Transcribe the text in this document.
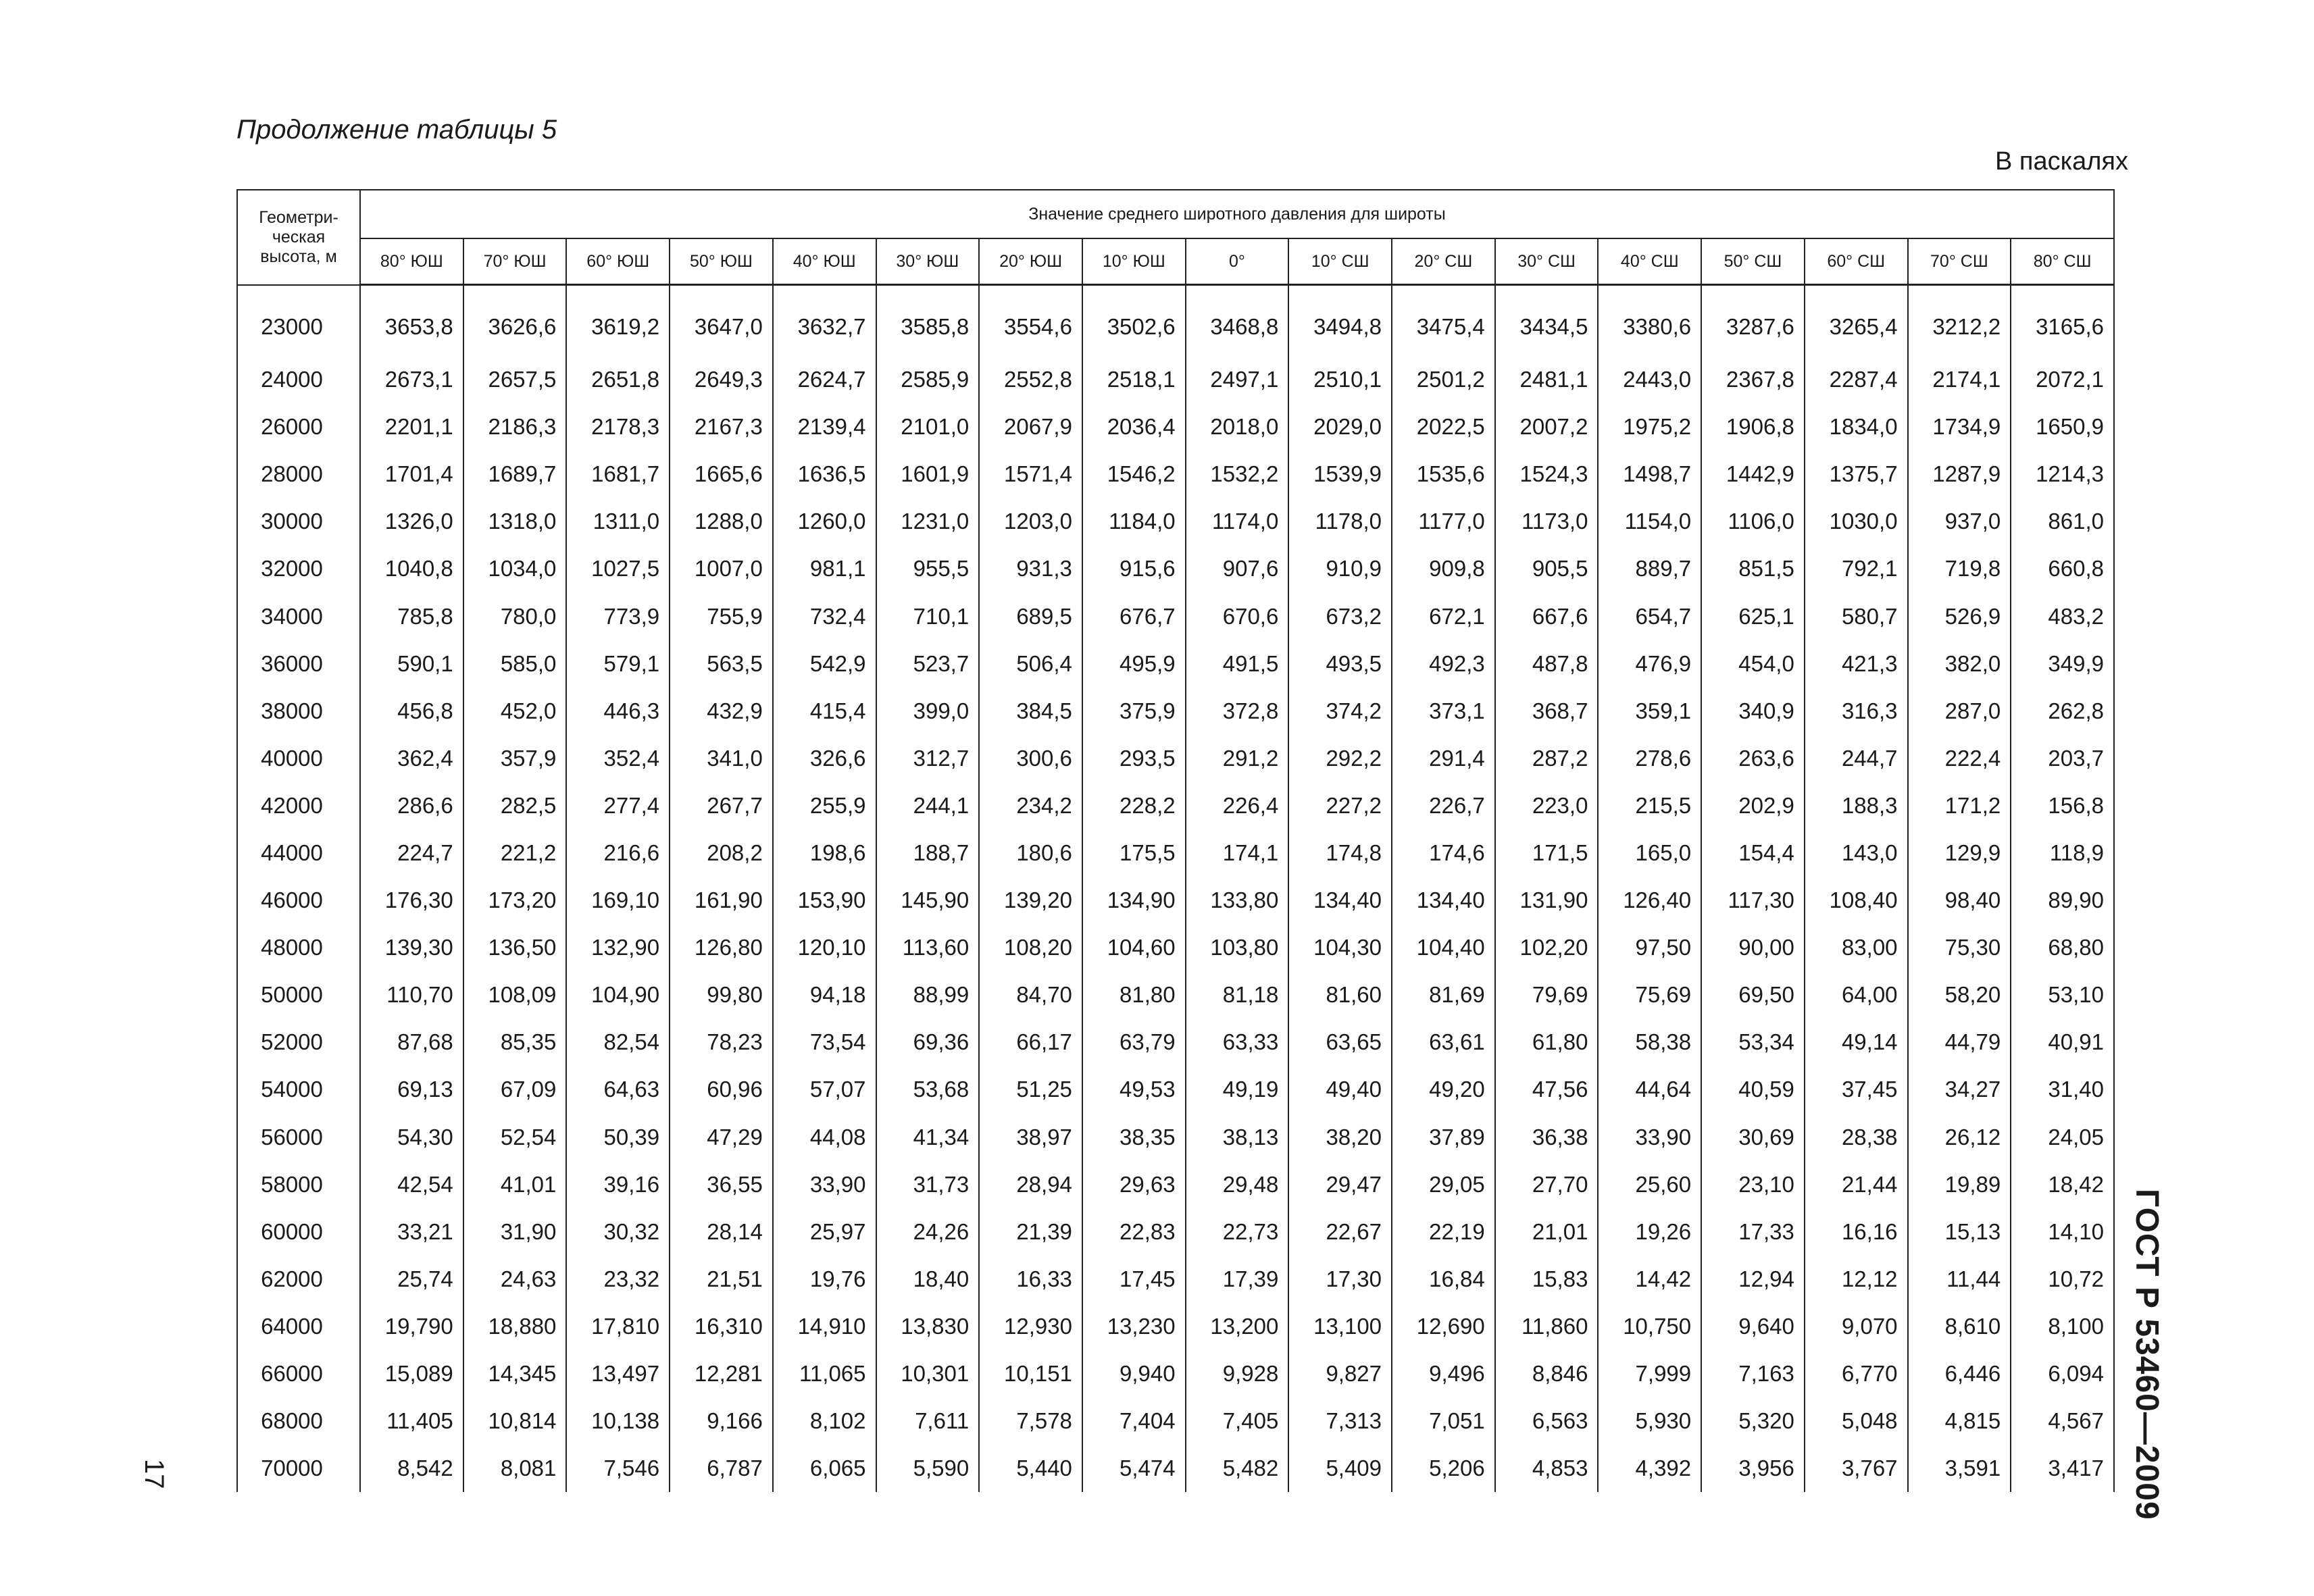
Продолжение таблицы 5
В паскалях
Геометри-
ческая
высота, м	Значение среднего широтного давления для широты																
	80° ЮШ	70° ЮШ	60° ЮШ	50° ЮШ	40° ЮШ	30° ЮШ	20° ЮШ	10° ЮШ	0°	10° СШ	20° СШ	30° СШ	40° СШ	50° СШ	60° СШ	70° СШ	80° СШ
23000	3653,8	3626,6	3619,2	3647,0	3632,7	3585,8	3554,6	3502,6	3468,8	3494,8	3475,4	3434,5	3380,6	3287,6	3265,4	3212,2	3165,6
24000	2673,1	2657,5	2651,8	2649,3	2624,7	2585,9	2552,8	2518,1	2497,1	2510,1	2501,2	2481,1	2443,0	2367,8	2287,4	2174,1	2072,1
26000	2201,1	2186,3	2178,3	2167,3	2139,4	2101,0	2067,9	2036,4	2018,0	2029,0	2022,5	2007,2	1975,2	1906,8	1834,0	1734,9	1650,9
28000	1701,4	1689,7	1681,7	1665,6	1636,5	1601,9	1571,4	1546,2	1532,2	1539,9	1535,6	1524,3	1498,7	1442,9	1375,7	1287,9	1214,3
30000	1326,0	1318,0	1311,0	1288,0	1260,0	1231,0	1203,0	1184,0	1174,0	1178,0	1177,0	1173,0	1154,0	1106,0	1030,0	937,0	861,0
32000	1040,8	1034,0	1027,5	1007,0	981,1	955,5	931,3	915,6	907,6	910,9	909,8	905,5	889,7	851,5	792,1	719,8	660,8
34000	785,8	780,0	773,9	755,9	732,4	710,1	689,5	676,7	670,6	673,2	672,1	667,6	654,7	625,1	580,7	526,9	483,2
36000	590,1	585,0	579,1	563,5	542,9	523,7	506,4	495,9	491,5	493,5	492,3	487,8	476,9	454,0	421,3	382,0	349,9
38000	456,8	452,0	446,3	432,9	415,4	399,0	384,5	375,9	372,8	374,2	373,1	368,7	359,1	340,9	316,3	287,0	262,8
40000	362,4	357,9	352,4	341,0	326,6	312,7	300,6	293,5	291,2	292,2	291,4	287,2	278,6	263,6	244,7	222,4	203,7
42000	286,6	282,5	277,4	267,7	255,9	244,1	234,2	228,2	226,4	227,2	226,7	223,0	215,5	202,9	188,3	171,2	156,8
44000	224,7	221,2	216,6	208,2	198,6	188,7	180,6	175,5	174,1	174,8	174,6	171,5	165,0	154,4	143,0	129,9	118,9
46000	176,30	173,20	169,10	161,90	153,90	145,90	139,20	134,90	133,80	134,40	134,40	131,90	126,40	117,30	108,40	98,40	89,90
48000	139,30	136,50	132,90	126,80	120,10	113,60	108,20	104,60	103,80	104,30	104,40	102,20	97,50	90,00	83,00	75,30	68,80
50000	110,70	108,09	104,90	99,80	94,18	88,99	84,70	81,80	81,18	81,60	81,69	79,69	75,69	69,50	64,00	58,20	53,10
52000	87,68	85,35	82,54	78,23	73,54	69,36	66,17	63,79	63,33	63,65	63,61	61,80	58,38	53,34	49,14	44,79	40,91
54000	69,13	67,09	64,63	60,96	57,07	53,68	51,25	49,53	49,19	49,40	49,20	47,56	44,64	40,59	37,45	34,27	31,40
56000	54,30	52,54	50,39	47,29	44,08	41,34	38,97	38,35	38,13	38,20	37,89	36,38	33,90	30,69	28,38	26,12	24,05
58000	42,54	41,01	39,16	36,55	33,90	31,73	28,94	29,63	29,48	29,47	29,05	27,70	25,60	23,10	21,44	19,89	18,42
60000	33,21	31,90	30,32	28,14	25,97	24,26	21,39	22,83	22,73	22,67	22,19	21,01	19,26	17,33	16,16	15,13	14,10
62000	25,74	24,63	23,32	21,51	19,76	18,40	16,33	17,45	17,39	17,30	16,84	15,83	14,42	12,94	12,12	11,44	10,72
64000	19,790	18,880	17,810	16,310	14,910	13,830	12,930	13,230	13,200	13,100	12,690	11,860	10,750	9,640	9,070	8,610	8,100
66000	15,089	14,345	13,497	12,281	11,065	10,301	10,151	9,940	9,928	9,827	9,496	8,846	7,999	7,163	6,770	6,446	6,094
68000	11,405	10,814	10,138	9,166	8,102	7,611	7,578	7,404	7,405	7,313	7,051	6,563	5,930	5,320	5,048	4,815	4,567
70000	8,542	8,081	7,546	6,787	6,065	5,590	5,440	5,474	5,482	5,409	5,206	4,853	4,392	3,956	3,767	3,591	3,417
17	ГОСТ Р 53460—2009
